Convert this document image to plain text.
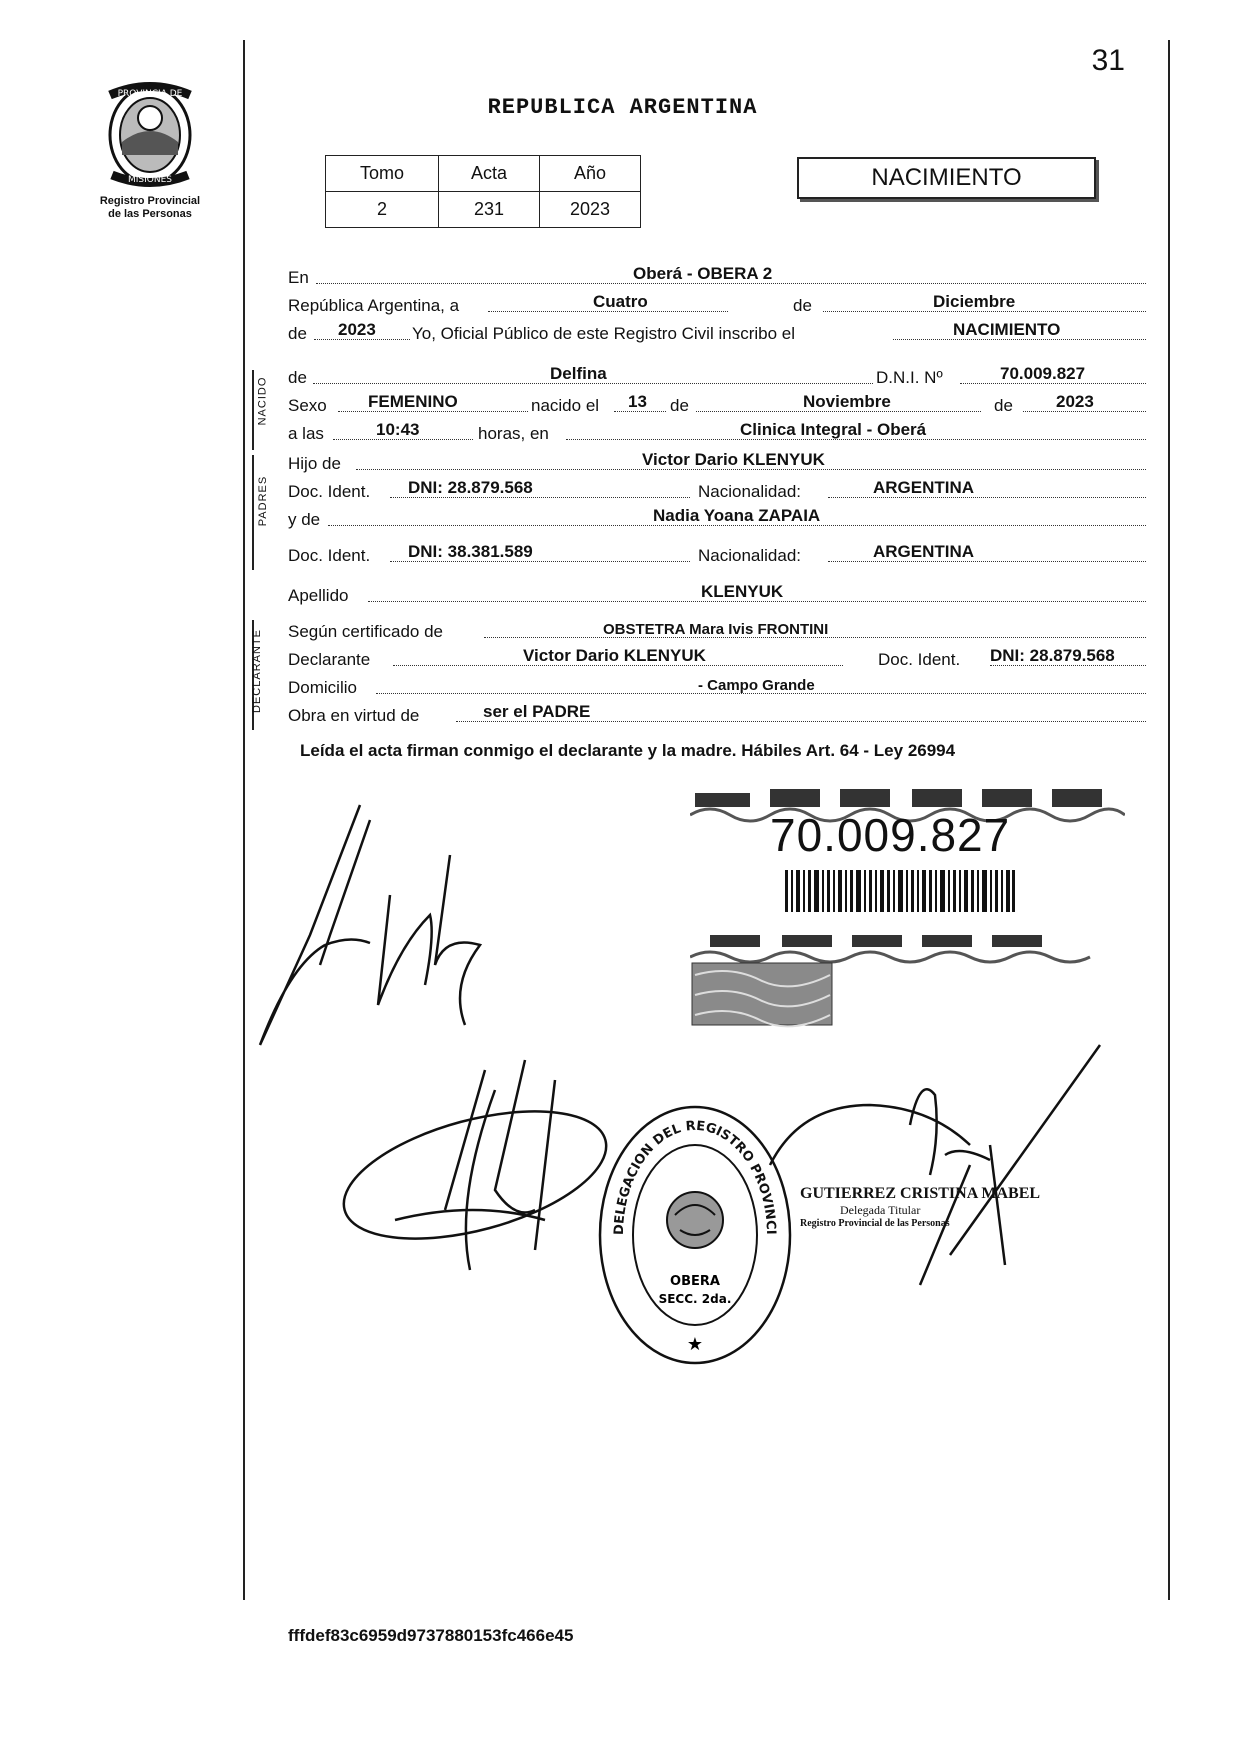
31
PROVINCIA DE
MISIONES
Registro Provincial
de las Personas
REPUBLICA ARGENTINA
Tomo	Acta	Año
2	231	2023
NACIMIENTO
En	Oberá - OBERA 2
República Argentina, a	Cuatro	de	Diciembre
de 2023 Yo, Oficial Público de este Registro Civil inscribo el	NACIMIENTO
NACIDO de	Delfina	D.N.I. Nº	70.009.827
Sexo FEMENINO	nacido el 13 de	Noviembre	de	2023
a las	10:43	horas, en	Clinica Integral - Oberá
PADRES
Hijo de	Victor Dario KLENYUK
Doc. Ident. DNI: 28.879.568	Nacionalidad:	ARGENTINA
y de	Nadia Yoana ZAPAIA
Doc. Ident. DNI: 38.381.589	Nacionalidad:	ARGENTINA
Apellido	KLENYUK
DECLARANTE Según certificado de	OBSTETRA Mara Ivis FRONTINI
Declarante	Victor Dario KLENYUK	Doc. Ident. DNI: 28.879.568
Domicilio	- Campo Grande
Obra en virtud de	ser el PADRE
Leída el acta firman conmigo el declarante y la madre. Hábiles Art. 64 - Ley 26994
70.009.827
DELEGACION DEL REGISTRO PROVINCI
OBERA
SECC. 2da.
★
GUTIERREZ CRISTINA MABEL
Delegada Titular
Registro Provincial de las Personas
fffdef83c6959d9737880153fc466e45
